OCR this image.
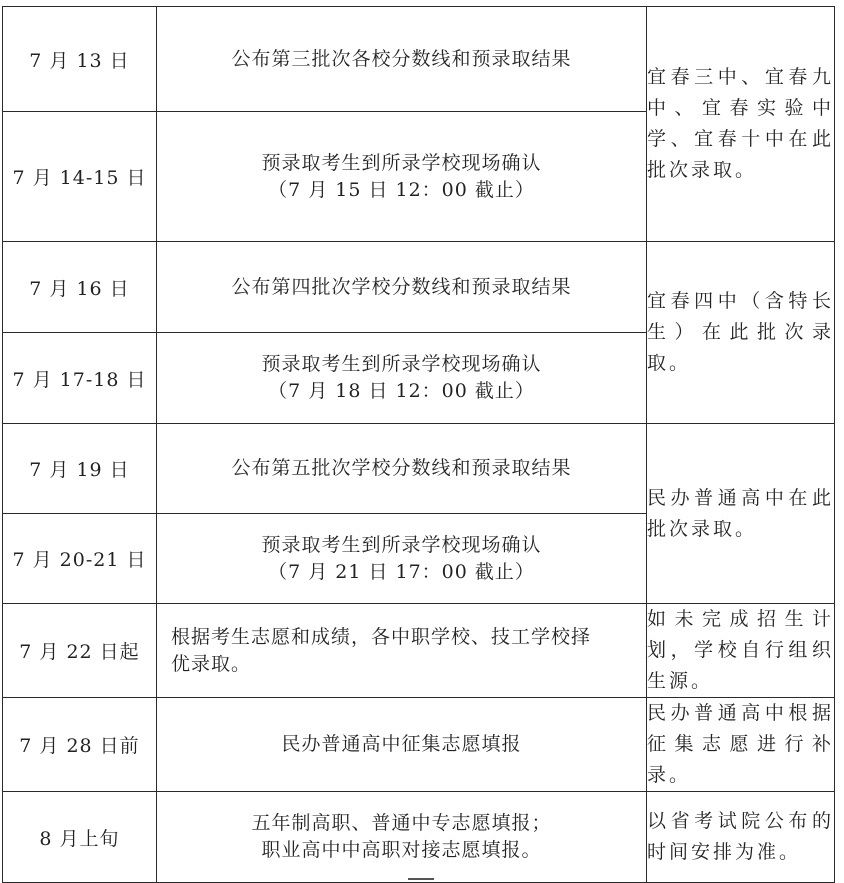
7 月 13 日	公布第三批次各校分数线和预录取结果	宜春三中、宜春九中、宜春实验中学、宜春十中在此批次录取。
7 月 14-15 日	预录取考生到所录学校现场确认
（7 月 15 日 12：00 截止）	

7 月 16 日	公布第四批次学校分数线和预录取结果	宜春四中（含特长生）在此批次录取。
7 月 17-18 日	预录取考生到所录学校现场确认
（7 月 18 日 12：00 截止）	

7 月 19 日	公布第五批次学校分数线和预录取结果	民办普通高中在此批次录取。
7 月 20-21 日	预录取考生到所录学校现场确认
（7 月 21 日 17：00 截止）	

7 月 22 日起	根据考生志愿和成绩，各中职学校、技工学校择
优录取。	如未完成招生计划，学校自行组织生源。
7 月 28 日前	民办普通高中征集志愿填报	民办普通高中根据征集志愿进行补录。
8 月上旬	五年制高职、普通中专志愿填报；
职业高中中高职对接志愿填报。	以省考试院公布的时间安排为准。
